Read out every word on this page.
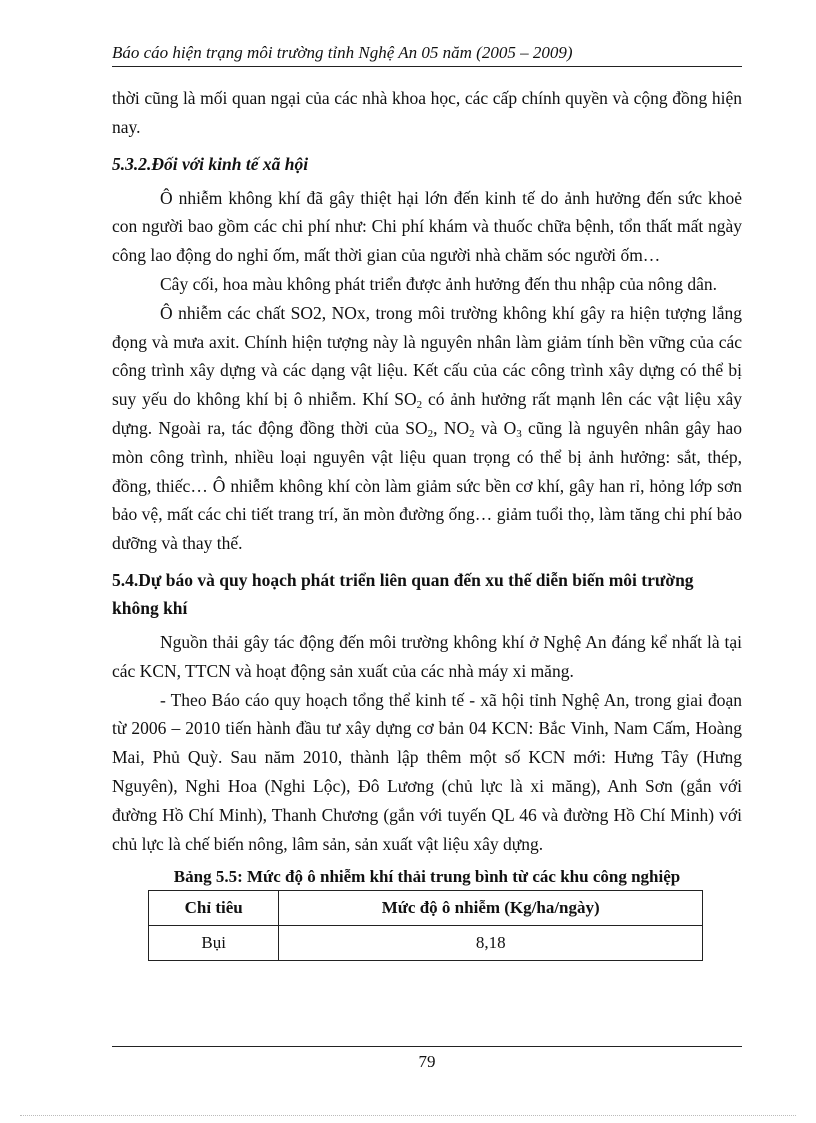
Báo cáo hiện trạng môi trường tỉnh Nghệ An 05 năm (2005 – 2009)

thời cũng là mối quan ngại của các nhà khoa học, các cấp chính quyền và cộng đồng hiện nay.

5.3.2.Đối với kinh tế xã hội

Ô nhiễm không khí đã gây thiệt hại lớn đến kinh tế do ảnh hưởng đến sức khoẻ con người bao gồm các chi phí như: Chi phí khám và thuốc chữa bệnh, tổn thất mất ngày công lao động do nghỉ ốm, mất thời gian của người nhà chăm sóc người ốm…

Cây cối, hoa màu không phát triển được ảnh hưởng đến thu nhập của nông dân.

Ô nhiễm các chất SO2, NOx, trong môi trường không khí gây ra hiện tượng lắng đọng và mưa axit. Chính hiện tượng này là nguyên nhân làm giảm tính bền vững của các công trình xây dựng và các dạng vật liệu. Kết cấu của các công trình xây dựng có thể bị suy yếu do không khí bị ô nhiễm. Khí $SO_2$ có ảnh hưởng rất mạnh lên các vật liệu xây dựng. Ngoài ra, tác động đồng thời của $SO_2$, $NO_2$ và $O_3$ cũng là nguyên nhân gây hao mòn công trình, nhiều loại nguyên vật liệu quan trọng có thể bị ảnh hưởng: sắt, thép, đồng, thiếc… Ô nhiễm không khí còn làm giảm sức bền cơ khí, gây han rỉ, hỏng lớp sơn bảo vệ, mất các chi tiết trang trí, ăn mòn đường ống… giảm tuổi thọ, làm tăng chi phí bảo dưỡng và thay thế.

5.4.Dự báo và quy hoạch phát triển liên quan đến xu thế diễn biến môi trường không khí

Nguồn thải gây tác động đến môi trường không khí ở Nghệ An đáng kể nhất là tại các KCN, TTCN và hoạt động sản xuất của các nhà máy xi măng.

- Theo Báo cáo quy hoạch tổng thể kinh tế - xã hội tỉnh Nghệ An, trong giai đoạn từ 2006 – 2010 tiến hành đầu tư xây dựng cơ bản 04 KCN: Bắc Vinh, Nam Cấm, Hoàng Mai, Phủ Quỳ. Sau năm 2010, thành lập thêm một số KCN mới: Hưng Tây (Hưng Nguyên), Nghi Hoa (Nghi Lộc), Đô Lương (chủ lực là xi măng), Anh Sơn (gắn với đường Hồ Chí Minh), Thanh Chương (gắn với tuyến QL 46 và đường Hồ Chí Minh) với chủ lực là chế biến nông, lâm sản, sản xuất vật liệu xây dựng.

Bảng 5.5: Mức độ ô nhiễm khí thải trung bình từ các khu công nghiệp
Chỉ tiêu	Mức độ ô nhiễm (Kg/ha/ngày)
Bụi	8,18
79
